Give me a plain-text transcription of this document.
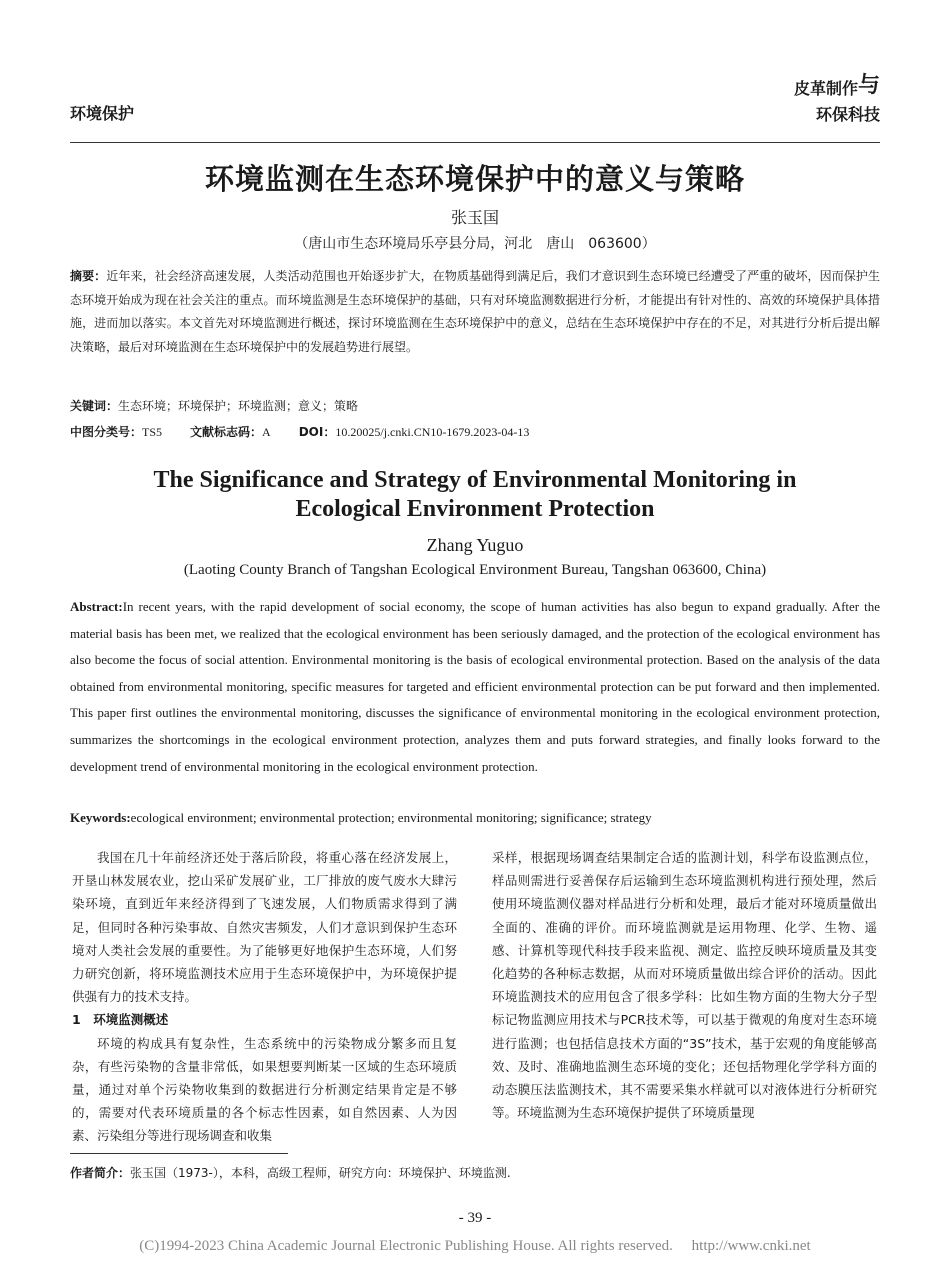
环境保护
皮革制作 与
环保科技
环境监测在生态环境保护中的意义与策略
张玉国
（唐山市生态环境局乐亭县分局，河北　唐山　063600）
摘要：近年来，社会经济高速发展，人类活动范围也开始逐步扩大，在物质基础得到满足后，我们才意识到生态环境已经遭受了严重的破坏，因而保护生态环境开始成为现在社会关注的重点。而环境监测是生态环境保护的基础，只有对环境监测数据进行分析，才能提出有针对性的、高效的环境保护具体措施，进而加以落实。本文首先对环境监测进行概述，探讨环境监测在生态环境保护中的意义，总结在生态环境保护中存在的不足，对其进行分析后提出解决策略，最后对环境监测在生态环境保护中的发展趋势进行展望。
关键词：生态环境；环境保护；环境监测；意义；策略
中图分类号：TS5 文献标志码：A DOI：10.20025/j.cnki.CN10-1679.2023-04-13
The Significance and Strategy of Environmental Monitoring in
Ecological Environment Protection
Zhang Yuguo
(Laoting County Branch of Tangshan Ecological Environment Bureau, Tangshan 063600, China)
Abstract:In recent years, with the rapid development of social economy, the scope of human activities has also begun to expand gradually. After the material basis has been met, we realized that the ecological environment has been seriously damaged, and the protection of the ecological environment has also become the focus of social attention. Environmental monitoring is the basis of ecological environmental protection. Based on the analysis of the data obtained from environmental monitoring, specific measures for targeted and efficient environmental protection can be put forward and then implemented. This paper first outlines the environmental monitoring, discusses the significance of environmental monitoring in the ecological environment protection, summarizes the shortcomings in the ecological environment protection, analyzes them and puts forward strategies, and finally looks forward to the development trend of environmental monitoring in the ecological environment protection.
Keywords:ecological environment; environmental protection; environmental monitoring; significance; strategy

我国在几十年前经济还处于落后阶段，将重心落在经济发展上，开垦山林发展农业，挖山采矿发展矿业，工厂排放的废气废水大肆污染环境，直到近年来经济得到了飞速发展，人们物质需求得到了满足，但同时各种污染事故、自然灾害频发，人们才意识到保护生态环境对人类社会发展的重要性。为了能够更好地保护生态环境，人们努力研究创新，将环境监测技术应用于生态环境保护中，为环境保护提供强有力的技术支持。

1　环境监测概述

环境的构成具有复杂性，生态系统中的污染物成分繁多而且复杂，有些污染物的含量非常低，如果想要判断某一区域的生态环境质量，通过对单个污染物收集到的数据进行分析测定结果肯定是不够的，需要对代表环境质量的各个标志性因素，如自然因素、人为因素、污染组分等进行现场调查和收集

采样，根据现场调查结果制定合适的监测计划，科学布设监测点位，样品则需进行妥善保存后运输到生态环境监测机构进行预处理，然后使用环境监测仪器对样品进行分析和处理，最后才能对环境质量做出全面的、准确的评价。而环境监测就是运用物理、化学、生物、遥感、计算机等现代科技手段来监视、测定、监控反映环境质量及其变化趋势的各种标志数据，从而对环境质量做出综合评价的活动。因此环境监测技术的应用包含了很多学科：比如生物方面的生物大分子型标记物监测应用技术与PCR技术等，可以基于微观的角度对生态环境进行监测；也包括信息技术方面的“3S”技术，基于宏观的角度能够高效、及时、准确地监测生态环境的变化；还包括物理化学学科方面的动态膜压法监测技术，其不需要采集水样就可以对液体进行分析研究等。环境监测为生态环境保护提供了环境质量现

作者简介：张玉国（1973-），本科，高级工程师，研究方向：环境保护、环境监测.
- 39 -
(C)1994-2023 China Academic Journal Electronic Publishing House. All rights reserved.　 http://www.cnki.net
